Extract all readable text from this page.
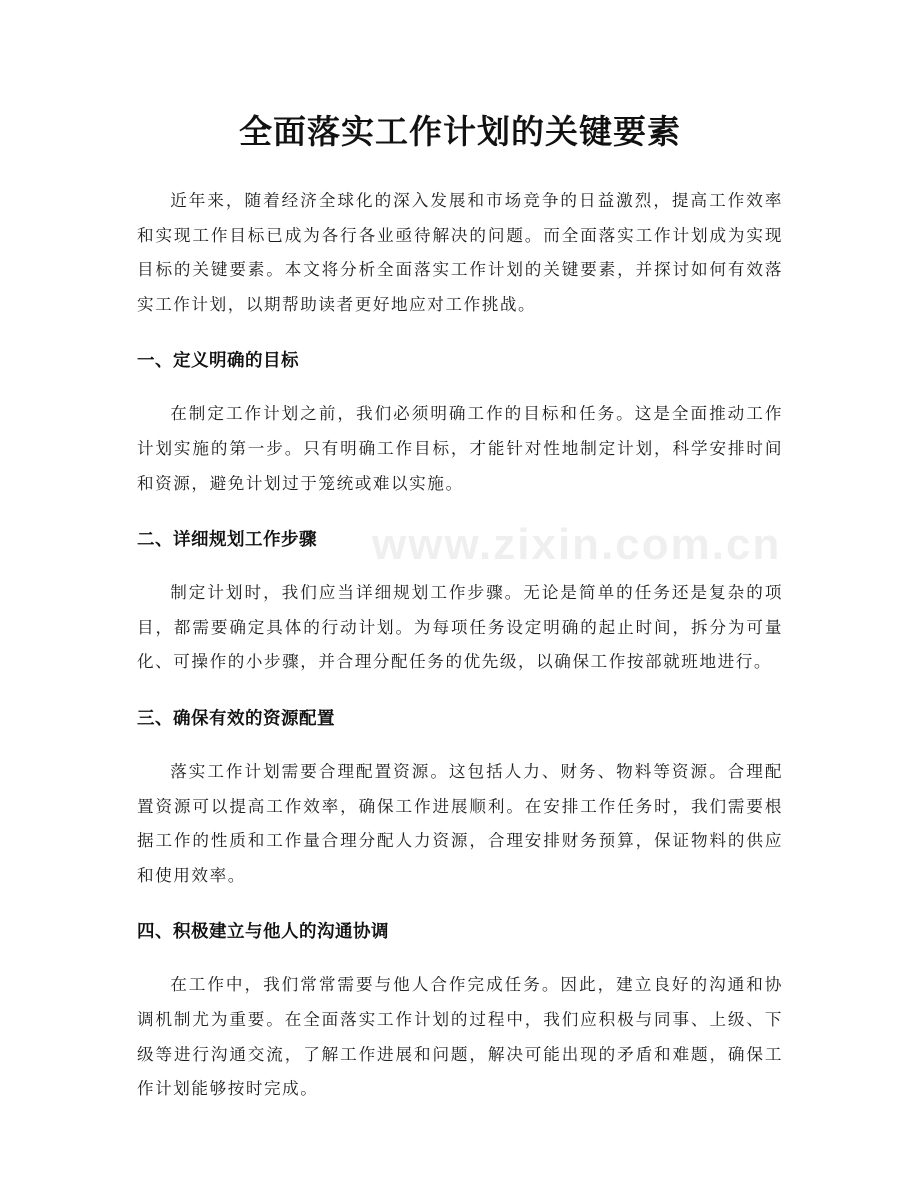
全面落实工作计划的关键要素

近年来，随着经济全球化的深入发展和市场竞争的日益激烈，提高工作效率和实现工作目标已成为各行各业亟待解决的问题。而全面落实工作计划成为实现目标的关键要素。本文将分析全面落实工作计划的关键要素，并探讨如何有效落实工作计划，以期帮助读者更好地应对工作挑战。

一、定义明确的目标

在制定工作计划之前，我们必须明确工作的目标和任务。这是全面推动工作计划实施的第一步。只有明确工作目标，才能针对性地制定计划，科学安排时间和资源，避免计划过于笼统或难以实施。

二、详细规划工作步骤

制定计划时，我们应当详细规划工作步骤。无论是简单的任务还是复杂的项目，都需要确定具体的行动计划。为每项任务设定明确的起止时间，拆分为可量化、可操作的小步骤，并合理分配任务的优先级，以确保工作按部就班地进行。

三、确保有效的资源配置

落实工作计划需要合理配置资源。这包括人力、财务、物料等资源。合理配置资源可以提高工作效率，确保工作进展顺利。在安排工作任务时，我们需要根据工作的性质和工作量合理分配人力资源，合理安排财务预算，保证物料的供应和使用效率。

四、积极建立与他人的沟通协调

在工作中，我们常常需要与他人合作完成任务。因此，建立良好的沟通和协调机制尤为重要。在全面落实工作计划的过程中，我们应积极与同事、上级、下级等进行沟通交流，了解工作进展和问题，解决可能出现的矛盾和难题，确保工作计划能够按时完成。

www.zixin.com.cn
